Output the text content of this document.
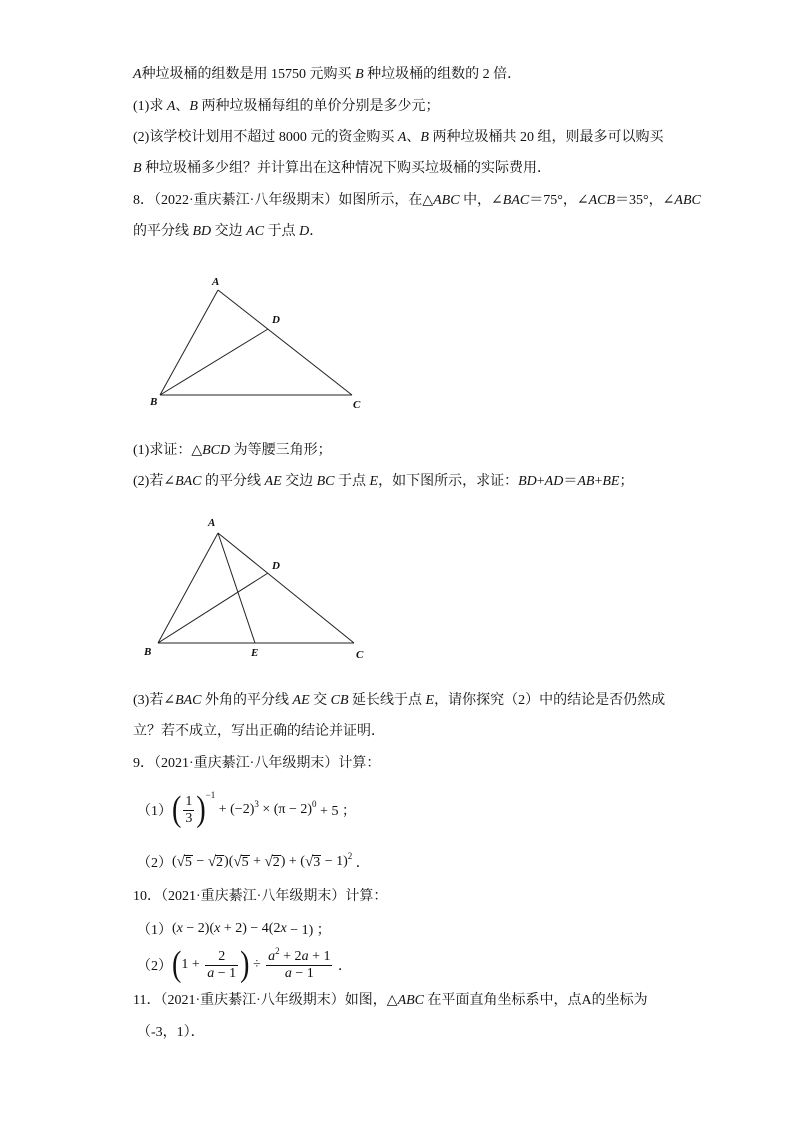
A种垃圾桶的组数是用 15750 元购买 B 种垃圾桶的组数的 2 倍．
(1)求 A、B 两种垃圾桶每组的单价分别是多少元；
(2)该学校计划用不超过 8000 元的资金购买 A、B 两种垃圾桶共 20 组，则最多可以购买
B 种垃圾桶多少组？并计算出在这种情况下购买垃圾桶的实际费用．
8．（2022·重庆綦江·八年级期末）如图所示，在△ABC 中，∠BAC＝75°，∠ACB＝35°，∠ABC
的平分线 BD 交边 AC 于点 D．
A
D
B	C
(1)求证：△BCD 为等腰三角形；
(2)若∠BAC 的平分线 AE 交边 BC 于点 E，如下图所示，求证：BD+AD＝AB+BE；
A
D
B	E	C
(3)若∠BAC 外角的平分线 AE 交 CB 延长线于点 E，请你探究（2）中的结论是否仍然成
立？若不成立，写出正确的结论并证明．
9．（2021·重庆綦江·八年级期末）计算：
（1） ( $\frac{1}{3}$ ) −1
+ (−2) 3 × (π − 2) 0 + 5 ；
（2） ( √ 5 − √ 2 )( √ 5 + √ 2 ) + ( √ 3 − 1) 2 ．
10．（2021·重庆綦江·八年级期末）计算：
（1） ( x − 2)( x + 2) − 4(2 x − 1) ；
（2） ( $1 + \frac{2}{a - 1}$ ) ÷ $\frac{a^2 + 2a + 1}{a - 1}$ ．
11．（2021·重庆綦江·八年级期末）如图，△ABC 在平面直角坐标系中，点A的坐标为
（-3，1）．
